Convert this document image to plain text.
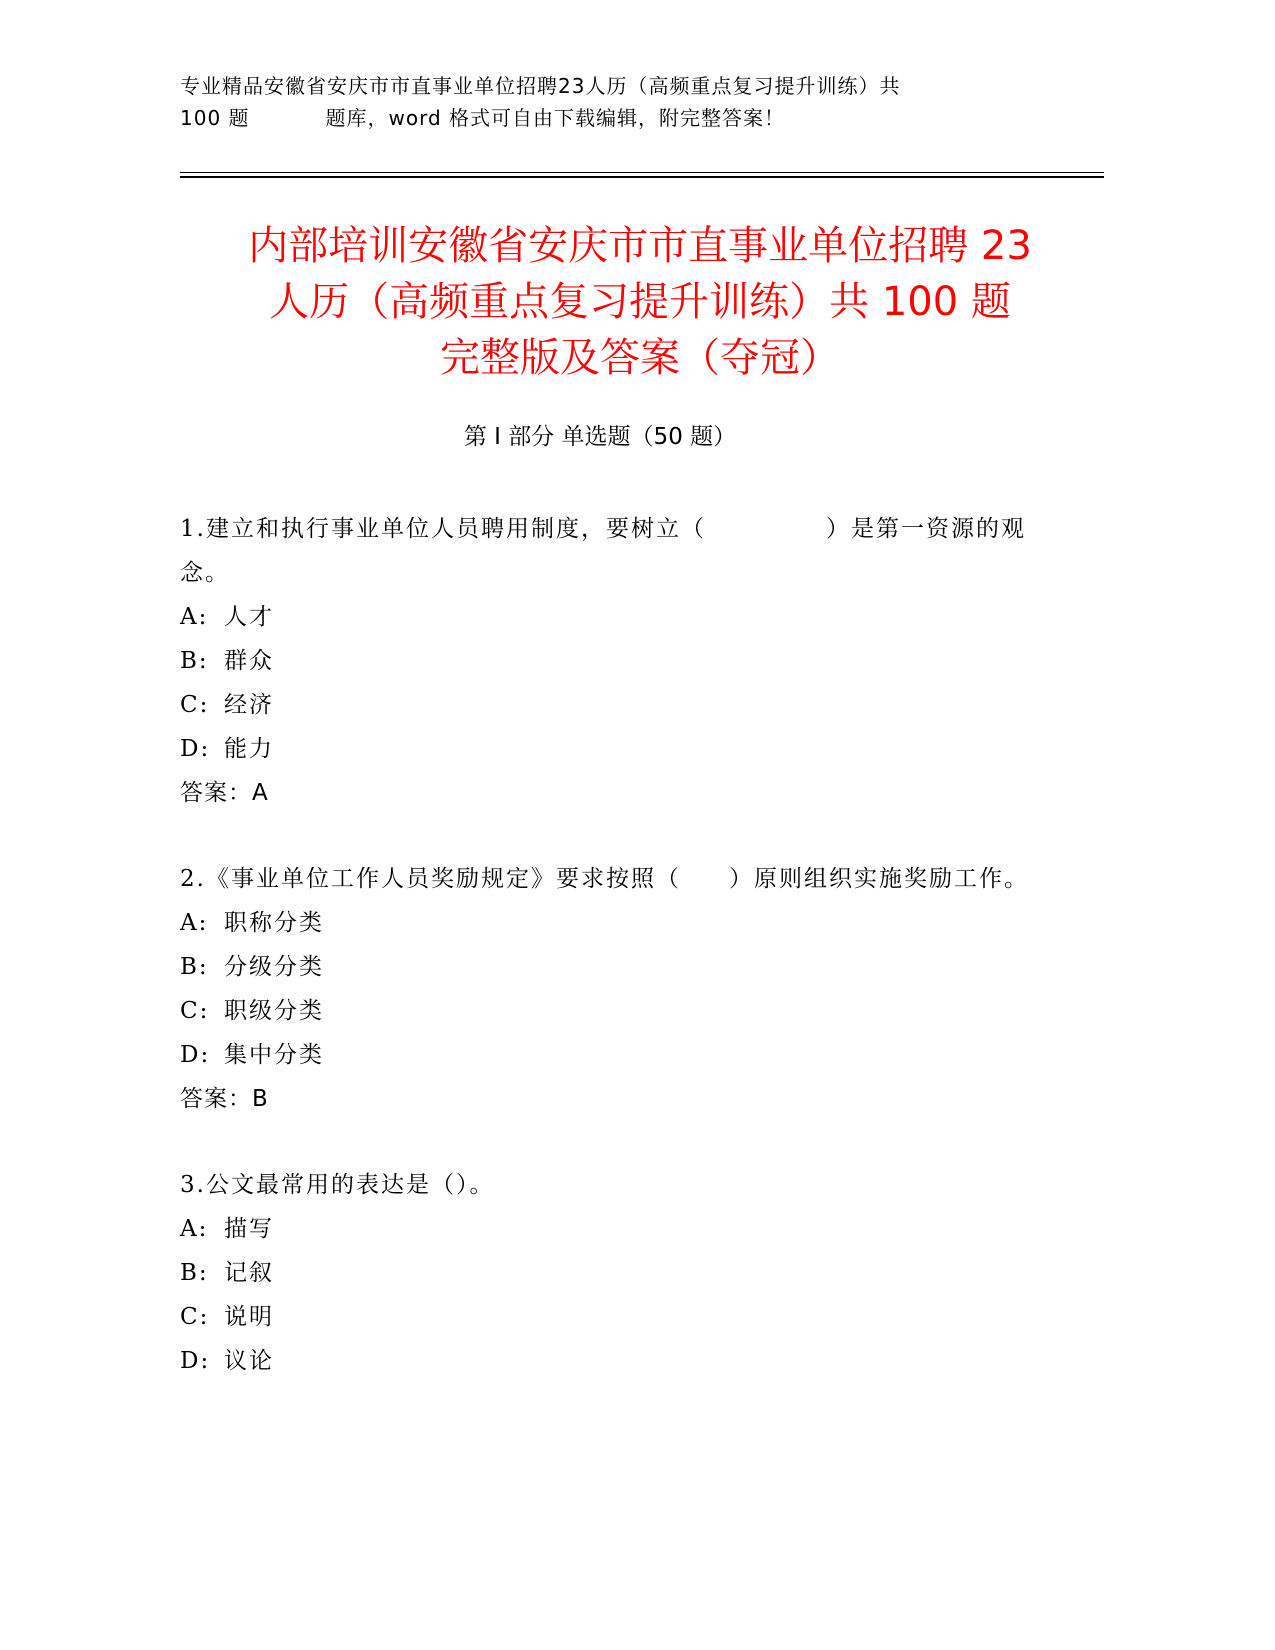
专业精品安徽省安庆市市直事业单位招聘23人历（高频重点复习提升训练）共
100 题	题库，word 格式可自由下载编辑，附完整答案！
内部培训安徽省安庆市市直事业单位招聘 23
人历（高频重点复习提升训练）共 100 题
完整版及答案（夺冠）
第 I 部分 单选题（50 题）

1.建立和执行事业单位人员聘用制度，要树立（	）是第一资源的观念。

A: 人才

B: 群众

C: 经济

D: 能力

答案：A

2.《事业单位工作人员奖励规定》要求按照（ ）原则组织实施奖励工作。

A: 职称分类

B: 分级分类

C: 职级分类

D: 集中分类

答案：B

3.公文最常用的表达是（）。

A: 描写

B: 记叙

C: 说明

D: 议论
